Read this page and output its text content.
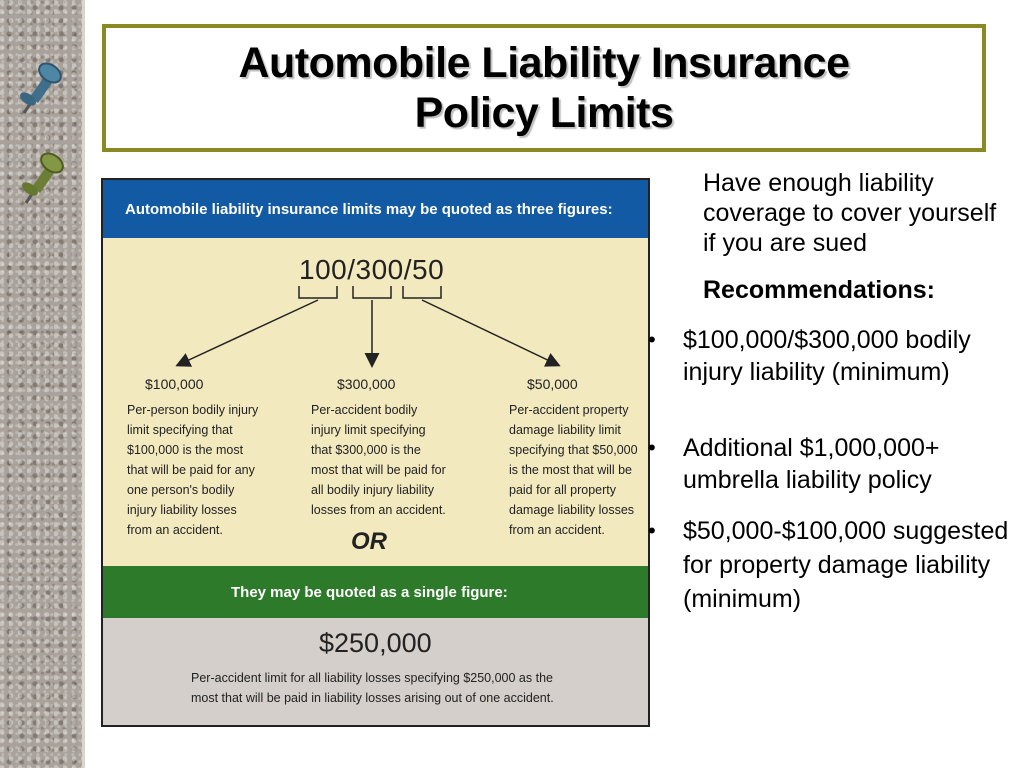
Automobile Liability Insurance
Policy Limits
Automobile liability insurance limits may be quoted as three figures:
100/300/50
$100,000	$300,000	$50,000
Per-person bodily injury limit specifying that $100,000 is the most that will be paid for any one person's bodily injury liability losses from an accident.
Per-accident bodily injury limit specifying that $300,000 is the most that will be paid for all bodily injury liability losses from an accident.
Per-accident property damage liability limit specifying that $50,000 is the most that will be paid for all property damage liability losses from an accident.
OR
They may be quoted as a single figure:
$250,000
Per-accident limit for all liability losses specifying $250,000 as the most that will be paid in liability losses arising out of one accident.
Have enough liability coverage to cover yourself if you are sued
Recommendations:
• $100,000/$300,000 bodily injury liability (minimum)
• Additional $1,000,000+ umbrella liability policy
• $50,000-$100,000 suggested for property damage liability (minimum)
